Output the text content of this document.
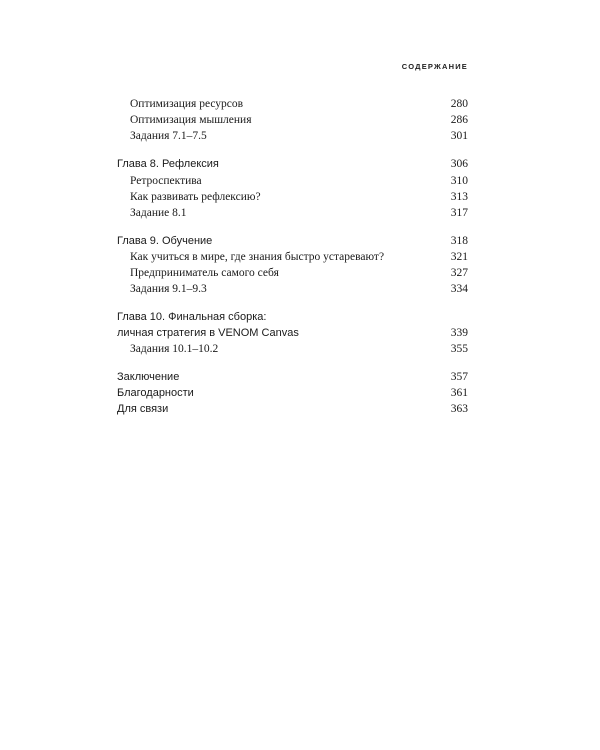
СОДЕРЖАНИЕ
Оптимизация ресурсов	280
Оптимизация мышления	286
Задания 7.1–7.5	301
Глава 8. Рефлексия	306
Ретроспектива	310
Как развивать рефлексию?	313
Задание 8.1	317
Глава 9. Обучение	318
Как учиться в мире, где знания быстро устаревают?	321
Предприниматель самого себя	327
Задания 9.1–9.3	334
Глава 10. Финальная сборка:
личная стратегия в VENOM Canvas	339
Задания 10.1–10.2	355
Заключение	357
Благодарности	361
Для связи	363
